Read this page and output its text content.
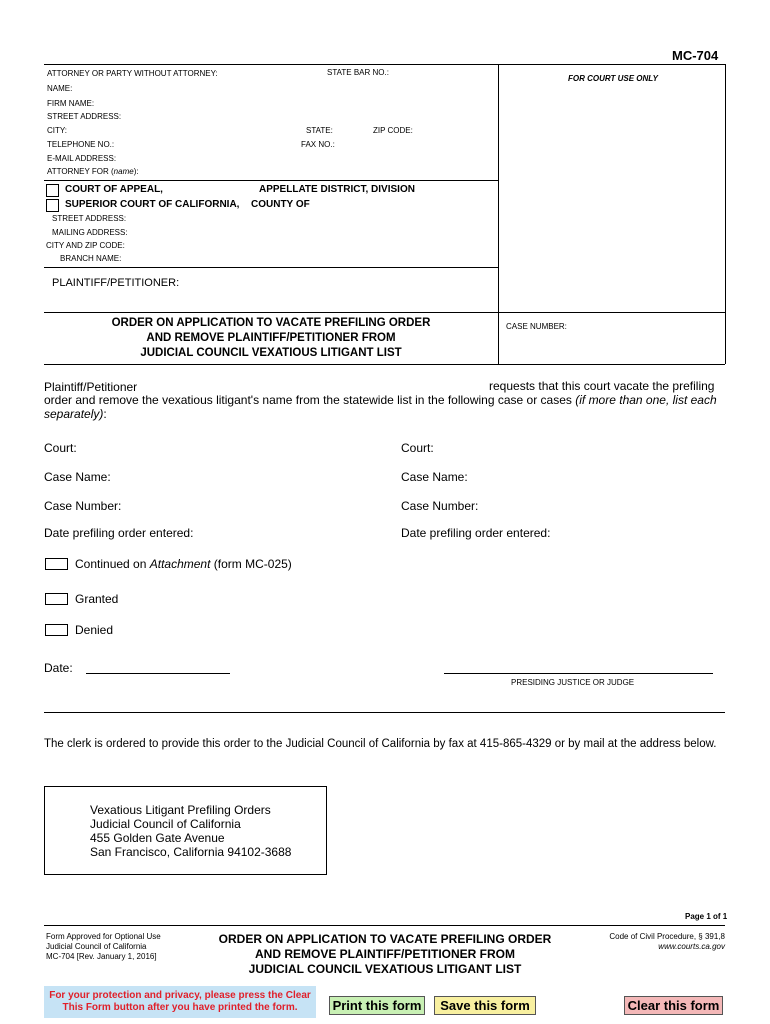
MC-704
ATTORNEY OR PARTY WITHOUT ATTORNEY:	STATE BAR NO.:
FOR COURT USE ONLY
NAME:
FIRM NAME:
STREET ADDRESS:
CITY:	STATE:	ZIP CODE:
TELEPHONE NO.:	FAX NO.:
E-MAIL ADDRESS:
ATTORNEY FOR (name):
COURT OF APPEAL,	APPELLATE DISTRICT, DIVISION
SUPERIOR COURT OF CALIFORNIA, COUNTY OF
STREET ADDRESS:
MAILING ADDRESS:
CITY AND ZIP CODE:
BRANCH NAME:
PLAINTIFF/PETITIONER:
ORDER ON APPLICATION TO VACATE PREFILING ORDER
AND REMOVE PLAINTIFF/PETITIONER FROM
JUDICIAL COUNCIL VEXATIOUS LITIGANT LIST
CASE NUMBER:
Plaintiff/Petitioner	requests that this court vacate the prefiling
order and remove the vexatious litigant's name from the statewide list in the following case or cases (if more than one, list each
separately):
Court:
Case Name:
Case Number:
Date prefiling order entered:
Court:
Case Name:
Case Number:
Date prefiling order entered:
Continued on Attachment (form MC-025)
Granted
Denied
Date:
PRESIDING JUSTICE OR JUDGE
The clerk is ordered to provide this order to the Judicial Council of California by fax at 415-865-4329 or by mail at the address below.
Vexatious Litigant Prefiling Orders
Judicial Council of California
455 Golden Gate Avenue
San Francisco, California 94102-3688
Page 1 of 1
Form Approved for Optional Use
Judicial Council of California
MC-704 [Rev. January 1, 2016]
ORDER ON APPLICATION TO VACATE PREFILING ORDER
AND REMOVE PLAINTIFF/PETITIONER FROM
JUDICIAL COUNCIL VEXATIOUS LITIGANT LIST
Code of Civil Procedure, § 391,8
www.courts.ca.gov
For your protection and privacy, please press the Clear
This Form button after you have printed the form.	Print this form	Save this form	Clear this form
